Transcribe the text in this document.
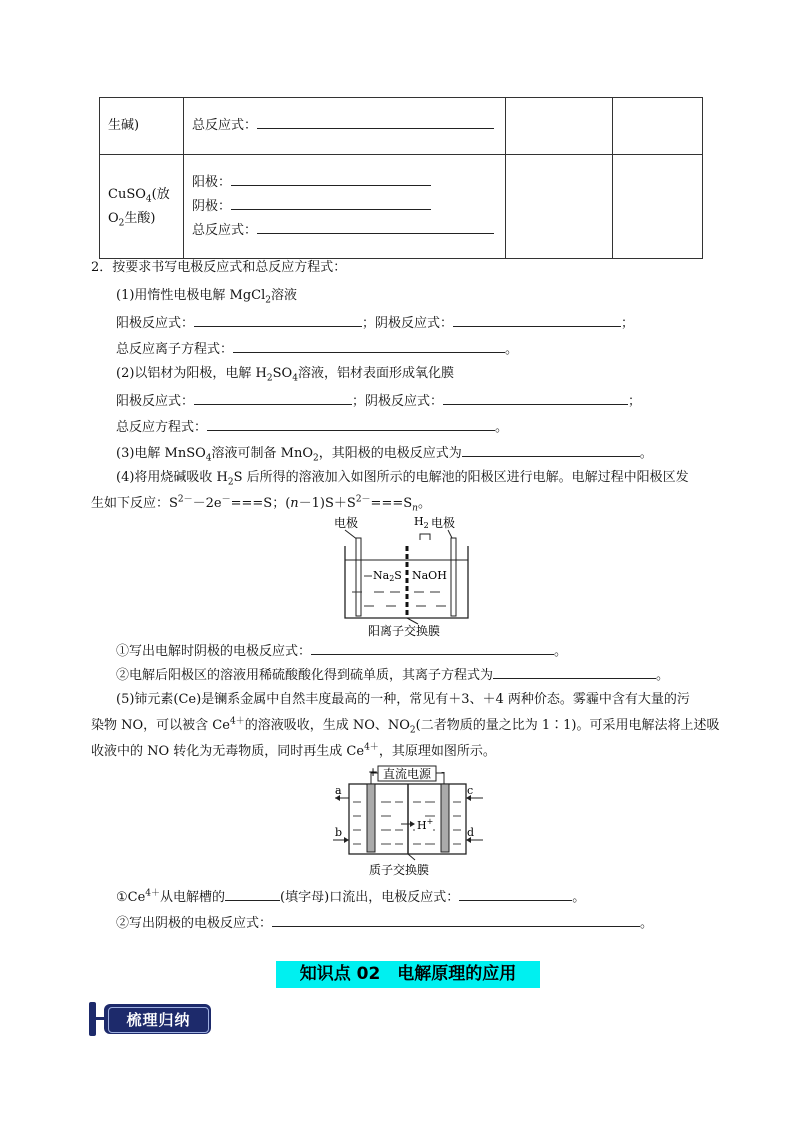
生碱)	总反应式：		
CuSO$_4$(放
$O_2$生酸)	阳极：
阴极：
总反应式：		
2．按要求书写电极反应式和总反应方程式：
(1)用惰性电极电解 MgCl$_2$溶液
阳极反应式：	；阴极反应式：	；
总反应离子方程式：	。
(2)以铝材为阳极，电解 $H_2SO_4$溶液，铝材表面形成氧化膜
阳极反应式：	；阴极反应式：	；
总反应方程式：	。
(3)电解 MnSO$_4$溶液可制备 MnO$_2$，其阳极的电极反应式为	。
(4)将用烧碱吸收 $H_2S$ 后所得的溶液加入如图所示的电解池的阳极区进行电解。电解过程中阳极区发
生如下反应：$S^{2-}-2e^-===S$；$(n-1)S+S^{2-}===S_n$。
电极	电极
$H_2$
Na2S NaOH
阳离子交换膜
①写出电解时阴极的电极反应式：	。
②电解后阳极区的溶液用稀硫酸酸化得到硫单质，其离子方程式为	。
(5)铈元素(Ce)是镧系金属中自然丰度最高的一种，常见有＋3、＋4 两种价态。雾霾中含有大量的污
染物 NO，可以被含 $Ce^{4+}$的溶液吸收，生成 NO、$NO_2$(二者物质的量之比为 1∶1)。可采用电解法将上述吸
收液中的 NO 转化为无毒物质，同时再生成 $Ce^{4+}$，其原理如图所示。
直流电源
+	-
a
b
c
d
H+
质子交换膜
$①Ce^{4+}$从电解槽的	(填字母)口流出，电极反应式：	。
②写出阴极的电极反应式：	。
知识点 02　电解原理的应用
梳理归纳
